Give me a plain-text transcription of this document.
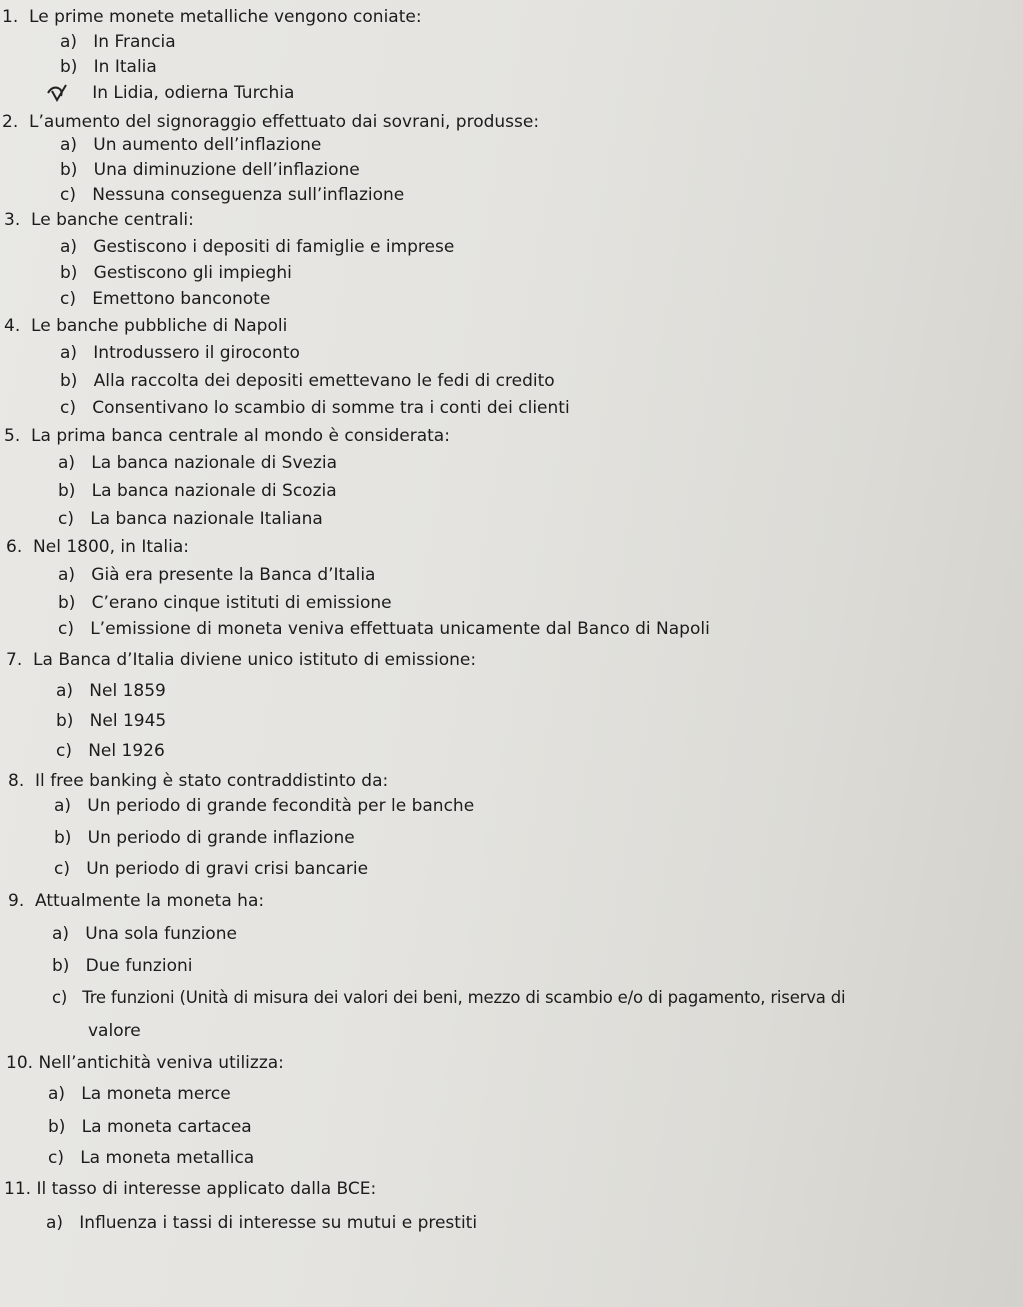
1. Le prime monete metalliche vengono coniate:
a) In Francia
b) In Italia
In Lidia, odierna Turchia
2. L’aumento del signoraggio effettuato dai sovrani, produsse:
a) Un aumento dell’inflazione
b) Una diminuzione dell’inflazione
c) Nessuna conseguenza sull’inflazione
3. Le banche centrali:
a) Gestiscono i depositi di famiglie e imprese
b) Gestiscono gli impieghi
c) Emettono banconote
4. Le banche pubbliche di Napoli
a) Introdussero il giroconto
b) Alla raccolta dei depositi emettevano le fedi di credito
c) Consentivano lo scambio di somme tra i conti dei clienti
5. La prima banca centrale al mondo è considerata:
a) La banca nazionale di Svezia
b) La banca nazionale di Scozia
c) La banca nazionale Italiana
6. Nel 1800, in Italia:
a) Già era presente la Banca d’Italia
b) C’erano cinque istituti di emissione
c) L’emissione di moneta veniva effettuata unicamente dal Banco di Napoli
7. La Banca d’Italia diviene unico istituto di emissione:
a) Nel 1859
b) Nel 1945
c) Nel 1926
8. Il free banking è stato contraddistinto da:
a) Un periodo di grande fecondità per le banche
b) Un periodo di grande inflazione
c) Un periodo di gravi crisi bancarie
9. Attualmente la moneta ha:
a) Una sola funzione
b) Due funzioni
c) Tre funzioni (Unità di misura dei valori dei beni, mezzo di scambio e/o di pagamento, riserva di
valore
10. Nell’antichità veniva utilizza:
a) La moneta merce
b) La moneta cartacea
c) La moneta metallica
11. Il tasso di interesse applicato dalla BCE:
a) Influenza i tassi di interesse su mutui e prestiti
